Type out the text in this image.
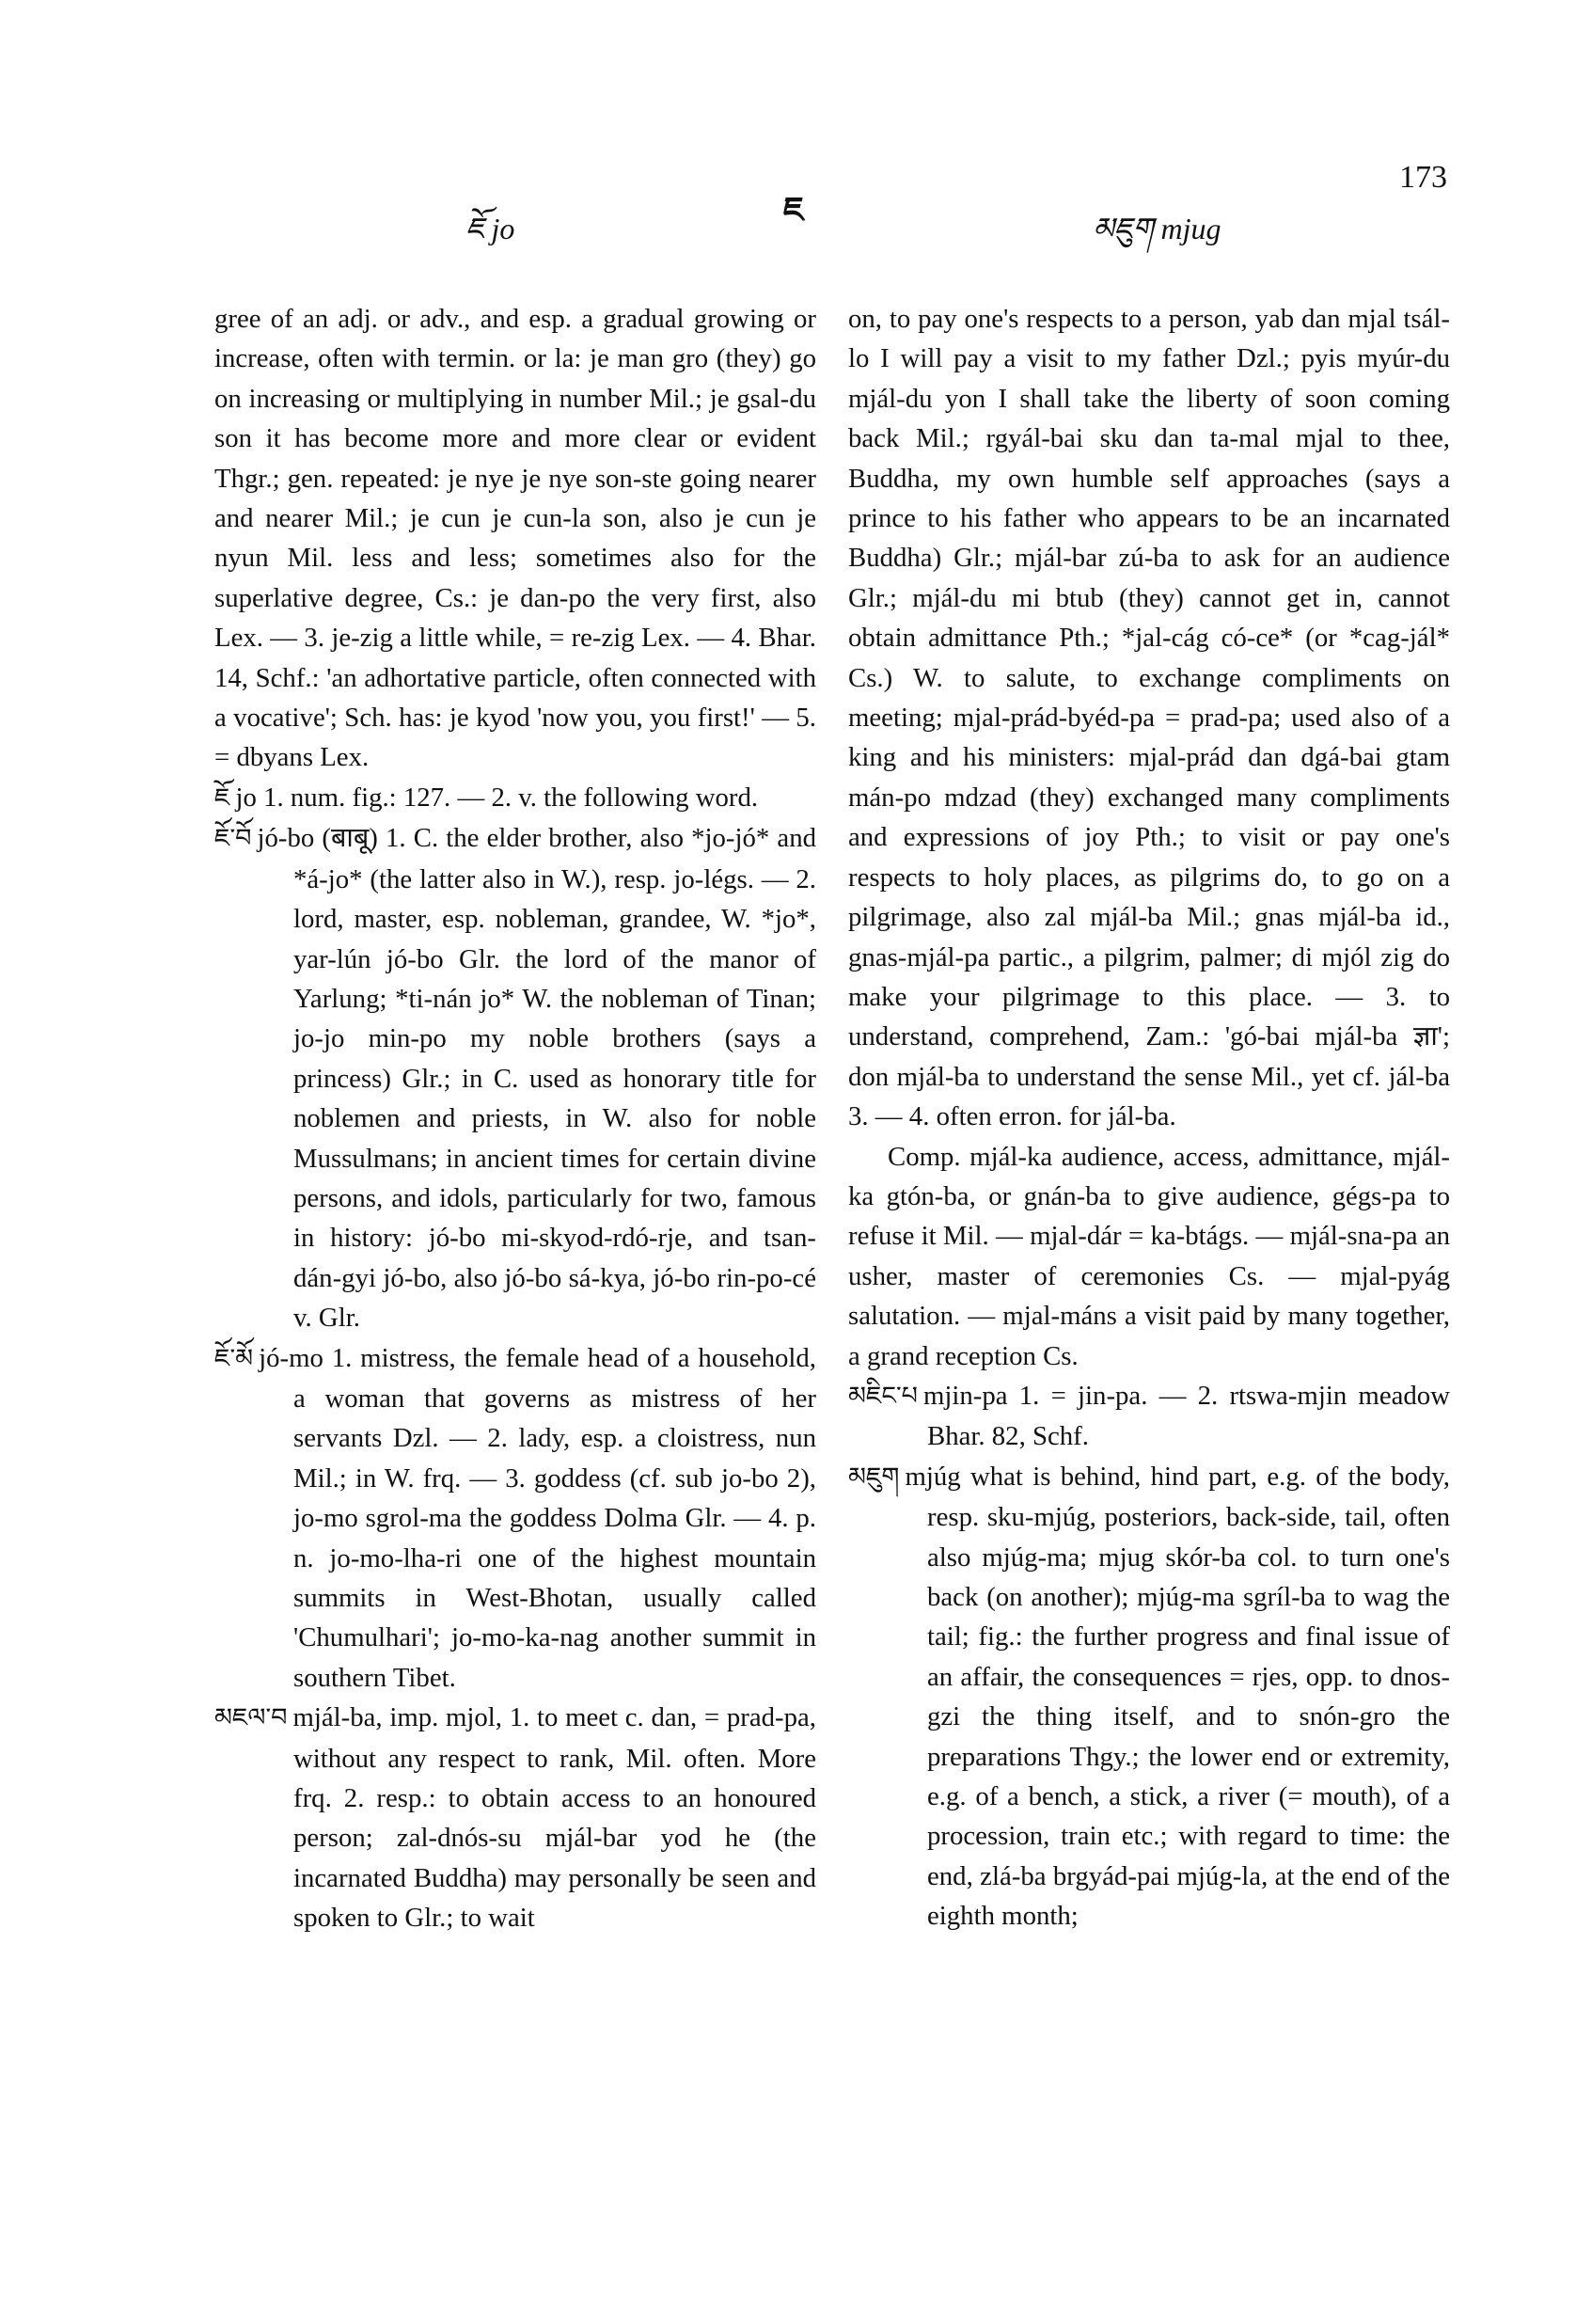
ཇོ jo	ཇ	མཇུག mjug
173

gree of an adj. or adv., and esp. a gradual growing or increase, often with termin. or la: je man gro (they) go on increasing or multiplying in number Mil.; je gsal-du son it has become more and more clear or evident Thgr.; gen. repeated: je nye je nye son-ste going nearer and nearer Mil.; je cun je cun-la son, also je cun je nyun Mil. less and less; sometimes also for the superlative degree, Cs.: je dan-po the very first, also Lex. — 3. je-zig a little while, = re-zig Lex. — 4. Bhar. 14, Schf.: 'an adhortative particle, often connected with a vocative'; Sch. has: je kyod 'now you, you first!' — 5. = dbyans Lex.

ཇོ jo 1. num. fig.: 127. — 2. v. the following word.

ཇོ་བོ jó-bo (बाबू) 1. C. the elder brother, also *jo-jó* and *á-jo* (the latter also in W.), resp. jo-légs. — 2. lord, master, esp. nobleman, grandee, W. *jo*, yar-lún jó-bo Glr. the lord of the manor of Yarlung; *ti-nán jo* W. the nobleman of Tinan; jo-jo min-po my noble brothers (says a princess) Glr.; in C. used as honorary title for noblemen and priests, in W. also for noble Mussulmans; in ancient times for certain divine persons, and idols, particularly for two, famous in history: jó-bo mi-skyod-rdó-rje, and tsan-dán-gyi jó-bo, also jó-bo sá-kya, jó-bo rin-po-cé v. Glr.

ཇོ་མོ jó-mo 1. mistress, the female head of a household, a woman that governs as mistress of her servants Dzl. — 2. lady, esp. a cloistress, nun Mil.; in W. frq. — 3. goddess (cf. sub jo-bo 2), jo-mo sgrol-ma the goddess Dolma Glr. — 4. p. n. jo-mo-lha-ri one of the highest mountain summits in West-Bhotan, usually called 'Chumulhari'; jo-mo-ka-nag another summit in southern Tibet.

མཇལ་བ mjál-ba, imp. mjol, 1. to meet c. dan, = prad-pa, without any respect to rank, Mil. often. More frq. 2. resp.: to obtain access to an honoured person; zal-dnós-su mjál-bar yod he (the incarnated Buddha) may personally be seen and spoken to Glr.; to wait

on, to pay one's respects to a person, yab dan mjal tsál-lo I will pay a visit to my father Dzl.; pyis myúr-du mjál-du yon I shall take the liberty of soon coming back Mil.; rgyál-bai sku dan ta-mal mjal to thee, Buddha, my own humble self approaches (says a prince to his father who appears to be an incarnated Buddha) Glr.; mjál-bar zú-ba to ask for an audience Glr.; mjál-du mi btub (they) cannot get in, cannot obtain admittance Pth.; *jal-cág có-ce* (or *cag-jál* Cs.) W. to salute, to exchange compliments on meeting; mjal-prád-byéd-pa = prad-pa; used also of a king and his ministers: mjal-prád dan dgá-bai gtam mán-po mdzad (they) exchanged many compliments and expressions of joy Pth.; to visit or pay one's respects to holy places, as pilgrims do, to go on a pilgrimage, also zal mjál-ba Mil.; gnas mjál-ba id., gnas-mjál-pa partic., a pilgrim, palmer; di mjól zig do make your pilgrimage to this place. — 3. to understand, comprehend, Zam.: 'gó-bai mjál-ba ज्ञा'; don mjál-ba to understand the sense Mil., yet cf. jál-ba 3. — 4. often erron. for jál-ba.

Comp. mjál-ka audience, access, admittance, mjál-ka gtón-ba, or gnán-ba to give audience, gégs-pa to refuse it Mil. — mjal-dár = ka-btágs. — mjál-sna-pa an usher, master of ceremonies Cs. — mjal-pyág salutation. — mjal-máns a visit paid by many together, a grand reception Cs.

མཇིང་པ mjin-pa 1. = jin-pa. — 2. rtswa-mjin meadow Bhar. 82, Schf.

མཇུག mjúg what is behind, hind part, e.g. of the body, resp. sku-mjúg, posteriors, back-side, tail, often also mjúg-ma; mjug skór-ba col. to turn one's back (on another); mjúg-ma sgríl-ba to wag the tail; fig.: the further progress and final issue of an affair, the consequences = rjes, opp. to dnos-gzi the thing itself, and to snón-gro the preparations Thgy.; the lower end or extremity, e.g. of a bench, a stick, a river (= mouth), of a procession, train etc.; with regard to time: the end, zlá-ba brgyád-pai mjúg-la, at the end of the eighth month;
